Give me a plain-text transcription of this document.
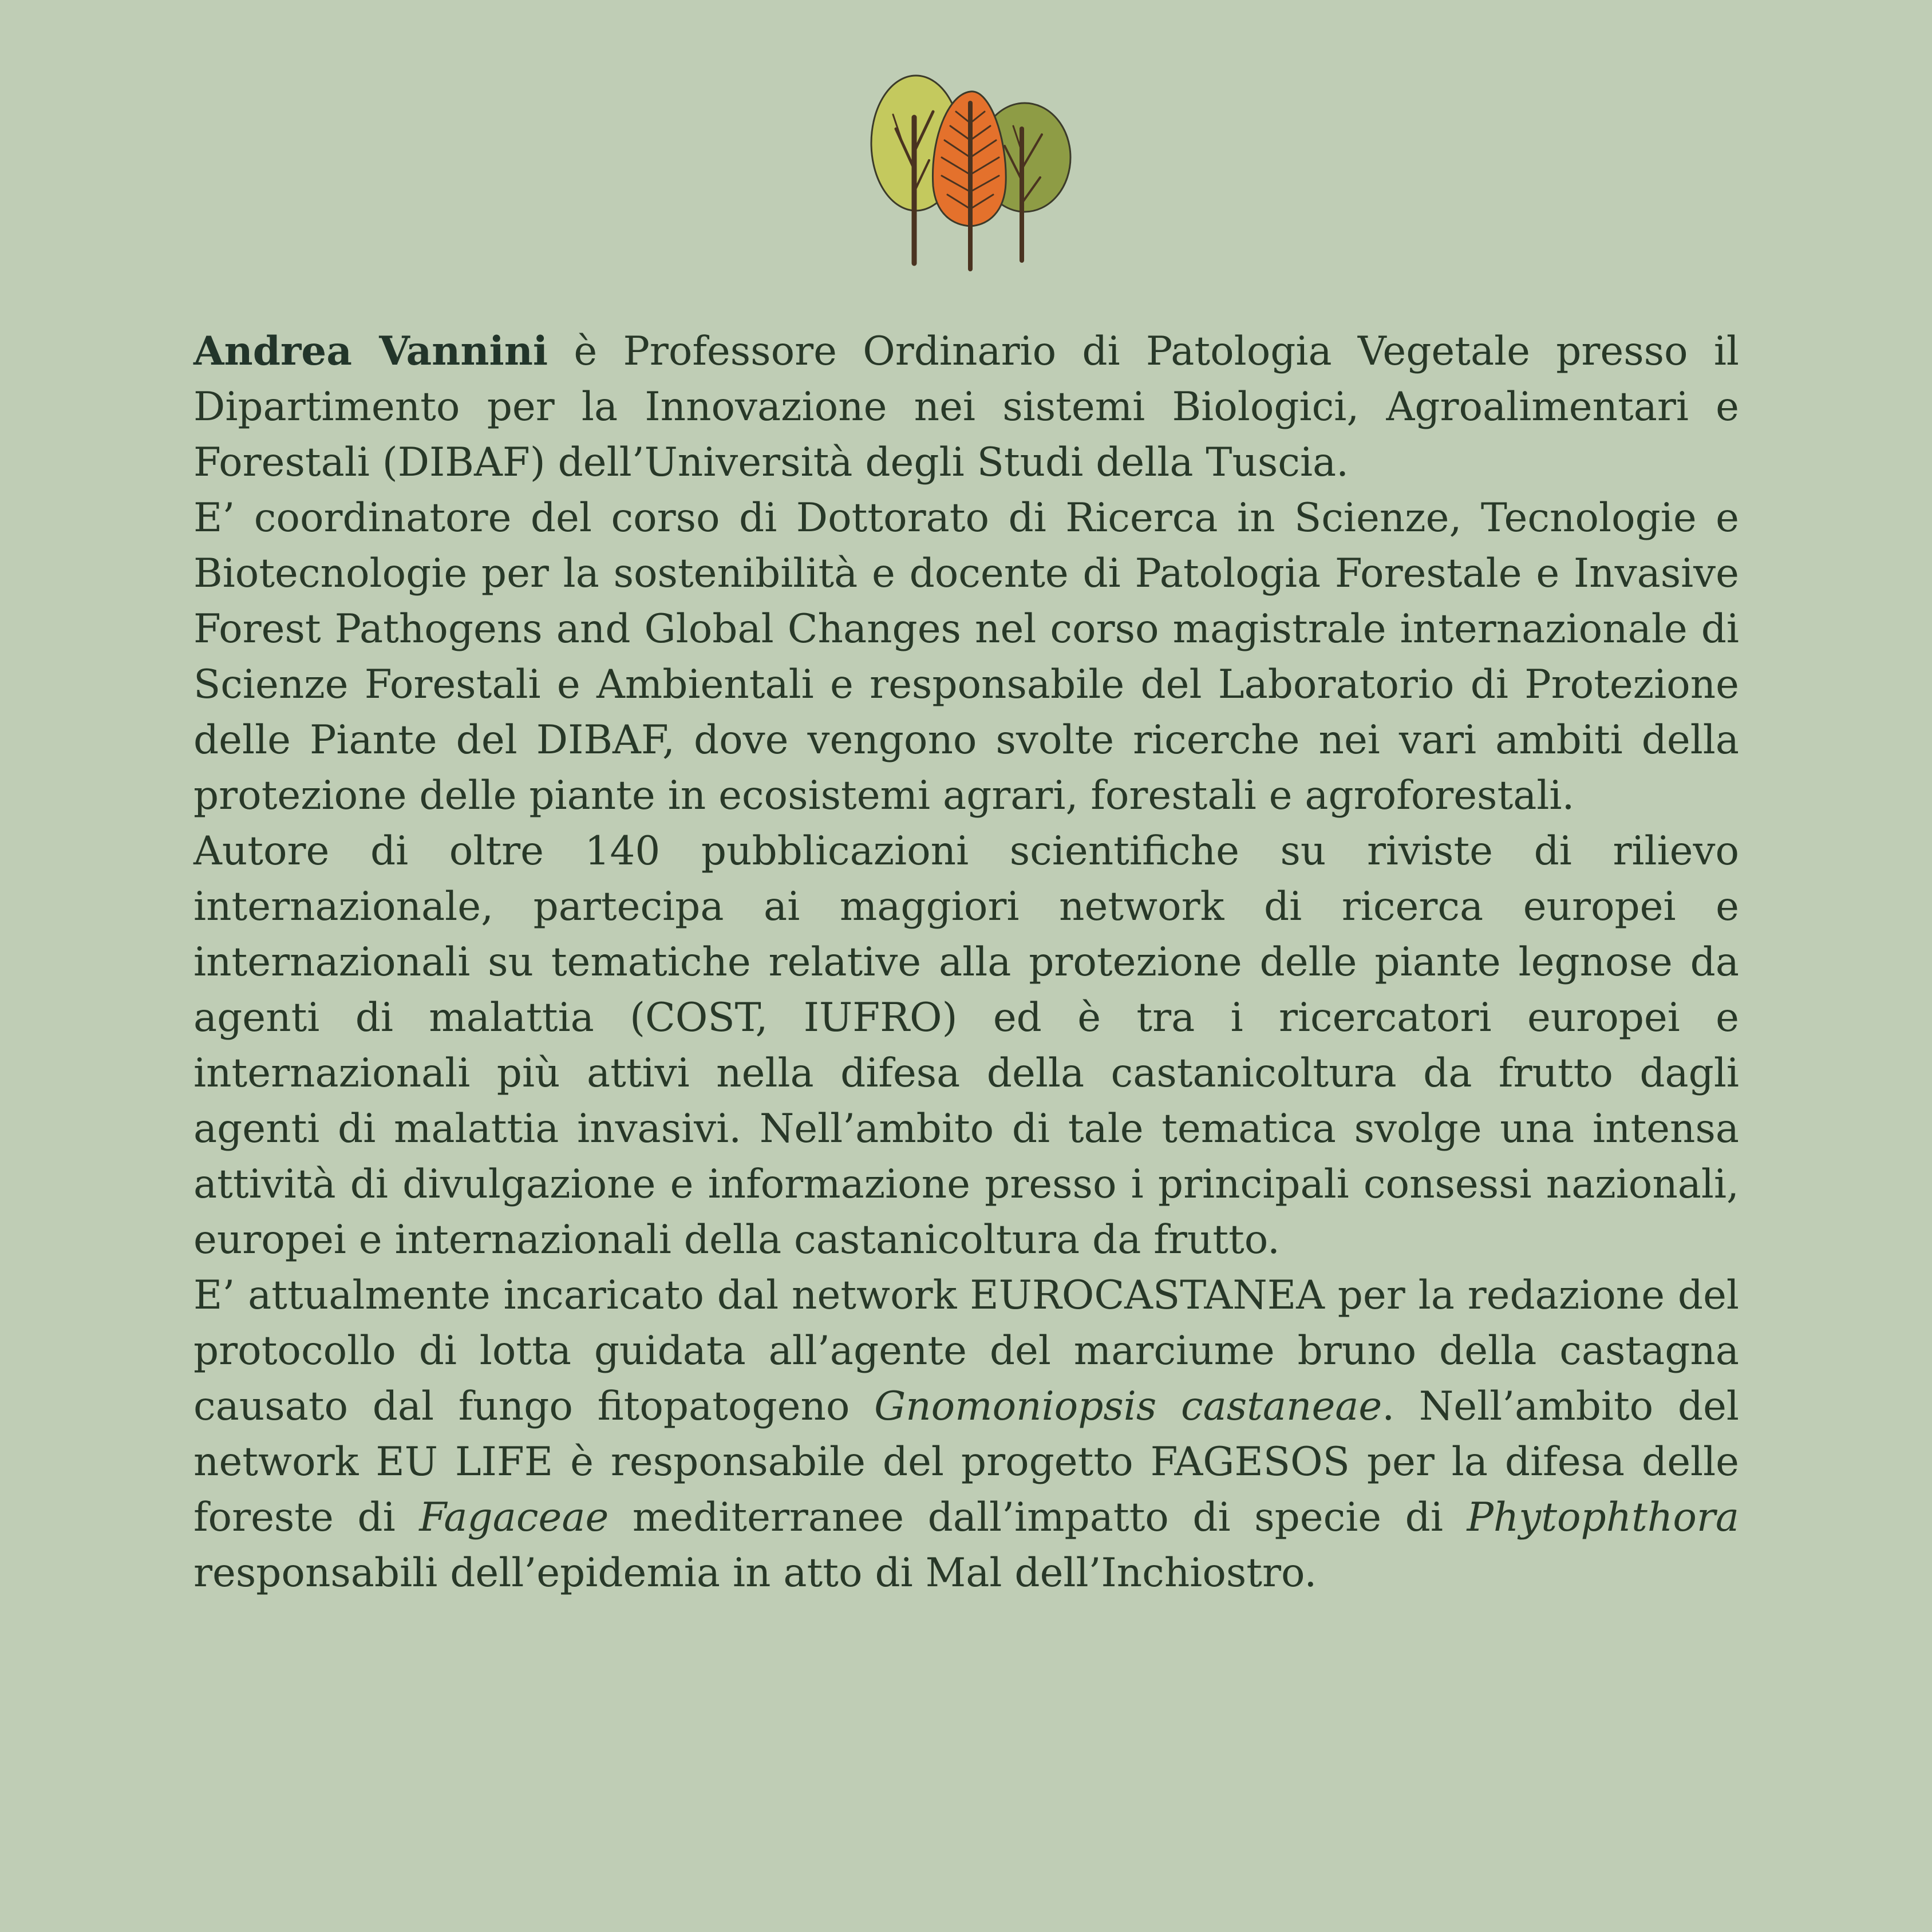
Andrea Vannini è Professore Ordinario di Patologia Vegetale presso il Dipartimento per la Innovazione nei sistemi Biologici, Agroalimentari e Forestali (DIBAF) dell’Università degli Studi della Tuscia.

E’ coordinatore del corso di Dottorato di Ricerca in Scienze, Tecnologie e Biotecnologie per la sostenibilità e docente di Patologia Forestale e Invasive Forest Pathogens and Global Changes nel corso magistrale internazionale di Scienze Forestali e Ambientali e responsabile del Laboratorio di Protezione delle Piante del DIBAF, dove vengono svolte ricerche nei vari ambiti della protezione delle piante in ecosistemi agrari, forestali e agroforestali.

Autore di oltre 140 pubblicazioni scientifiche su riviste di rilievo internazionale, partecipa ai maggiori network di ricerca europei e internazionali su tematiche relative alla protezione delle piante legnose da agenti di malattia (COST, IUFRO) ed è tra i ricercatori europei e internazionali più attivi nella difesa della castanicoltura da frutto dagli agenti di malattia invasivi. Nell’ambito di tale tematica svolge una intensa attività di divulgazione e informazione presso i principali consessi nazionali, europei e internazionali della castanicoltura da frutto.

E’ attualmente incaricato dal network EUROCASTANEA per la redazione del protocollo di lotta guidata all’agente del marciume bruno della castagna causato dal fungo fitopatogeno Gnomoniopsis castaneae. Nell’ambito del network EU LIFE è responsabile del progetto FAGESOS per la difesa delle foreste di Fagaceae mediterranee dall’impatto di specie di Phytophthora responsabili dell’epidemia in atto di Mal dell’Inchiostro.
